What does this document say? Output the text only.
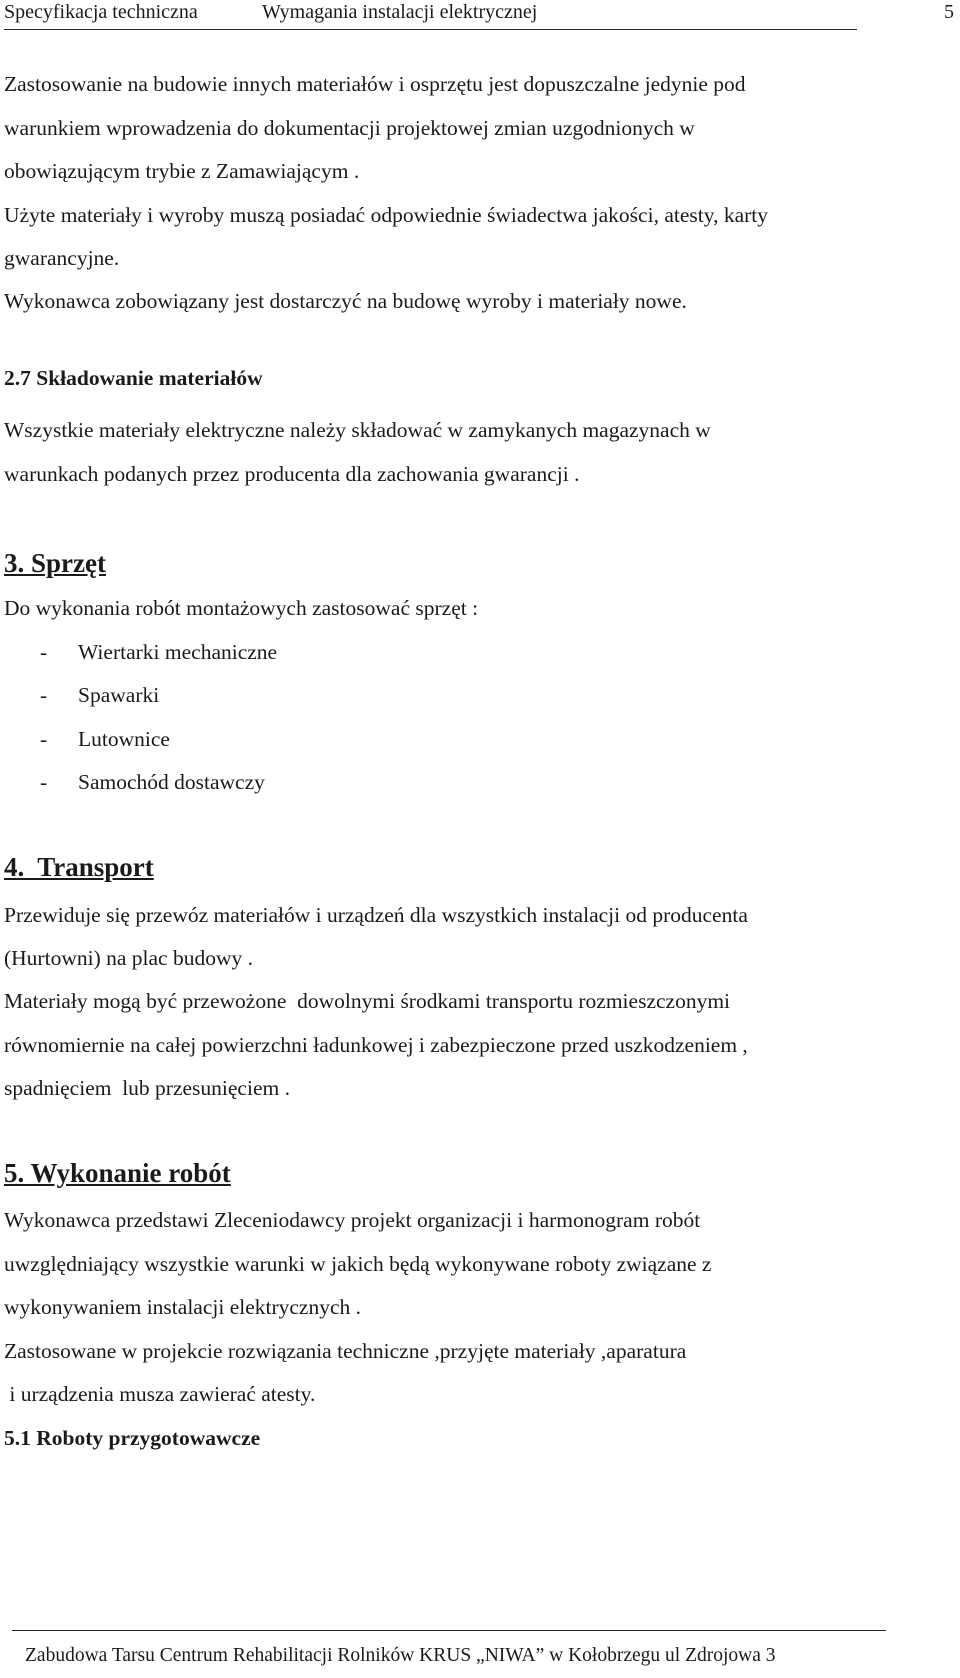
Specyfikacja techniczna	Wymagania instalacji elektrycznej	5
Zastosowanie na budowie innych materiałów i osprzętu jest dopuszczalne jedynie pod
warunkiem wprowadzenia do dokumentacji projektowej zmian uzgodnionych w
obowiązującym trybie z Zamawiającym .
Użyte materiały i wyroby muszą posiadać odpowiednie świadectwa jakości, atesty, karty
gwarancyjne.
Wykonawca zobowiązany jest dostarczyć na budowę wyroby i materiały nowe.
2.7 Składowanie materiałów
Wszystkie materiały elektryczne należy składować w zamykanych magazynach w
warunkach podanych przez producenta dla zachowania gwarancji .
3. Sprzęt
Do wykonania robót montażowych zastosować sprzęt :
- Wiertarki mechaniczne
- Spawarki
- Lutownice
- Samochód dostawczy
4.  Transport
Przewiduje się przewóz materiałów i urządzeń dla wszystkich instalacji od producenta
(Hurtowni) na plac budowy .
Materiały mogą być przewożone  dowolnymi środkami transportu rozmieszczonymi
równomiernie na całej powierzchni ładunkowej i zabezpieczone przed uszkodzeniem ,
spadnięciem  lub przesunięciem .
5. Wykonanie robót
Wykonawca przedstawi Zleceniodawcy projekt organizacji i harmonogram robót
uwzględniający wszystkie warunki w jakich będą wykonywane roboty związane z
wykonywaniem instalacji elektrycznych .
Zastosowane w projekcie rozwiązania techniczne ,przyjęte materiały ,aparatura
i urządzenia musza zawierać atesty.
5.1 Roboty przygotowawcze
Zabudowa Tarsu Centrum Rehabilitacji Rolników KRUS „NIWA” w Kołobrzegu ul Zdrojowa 3
